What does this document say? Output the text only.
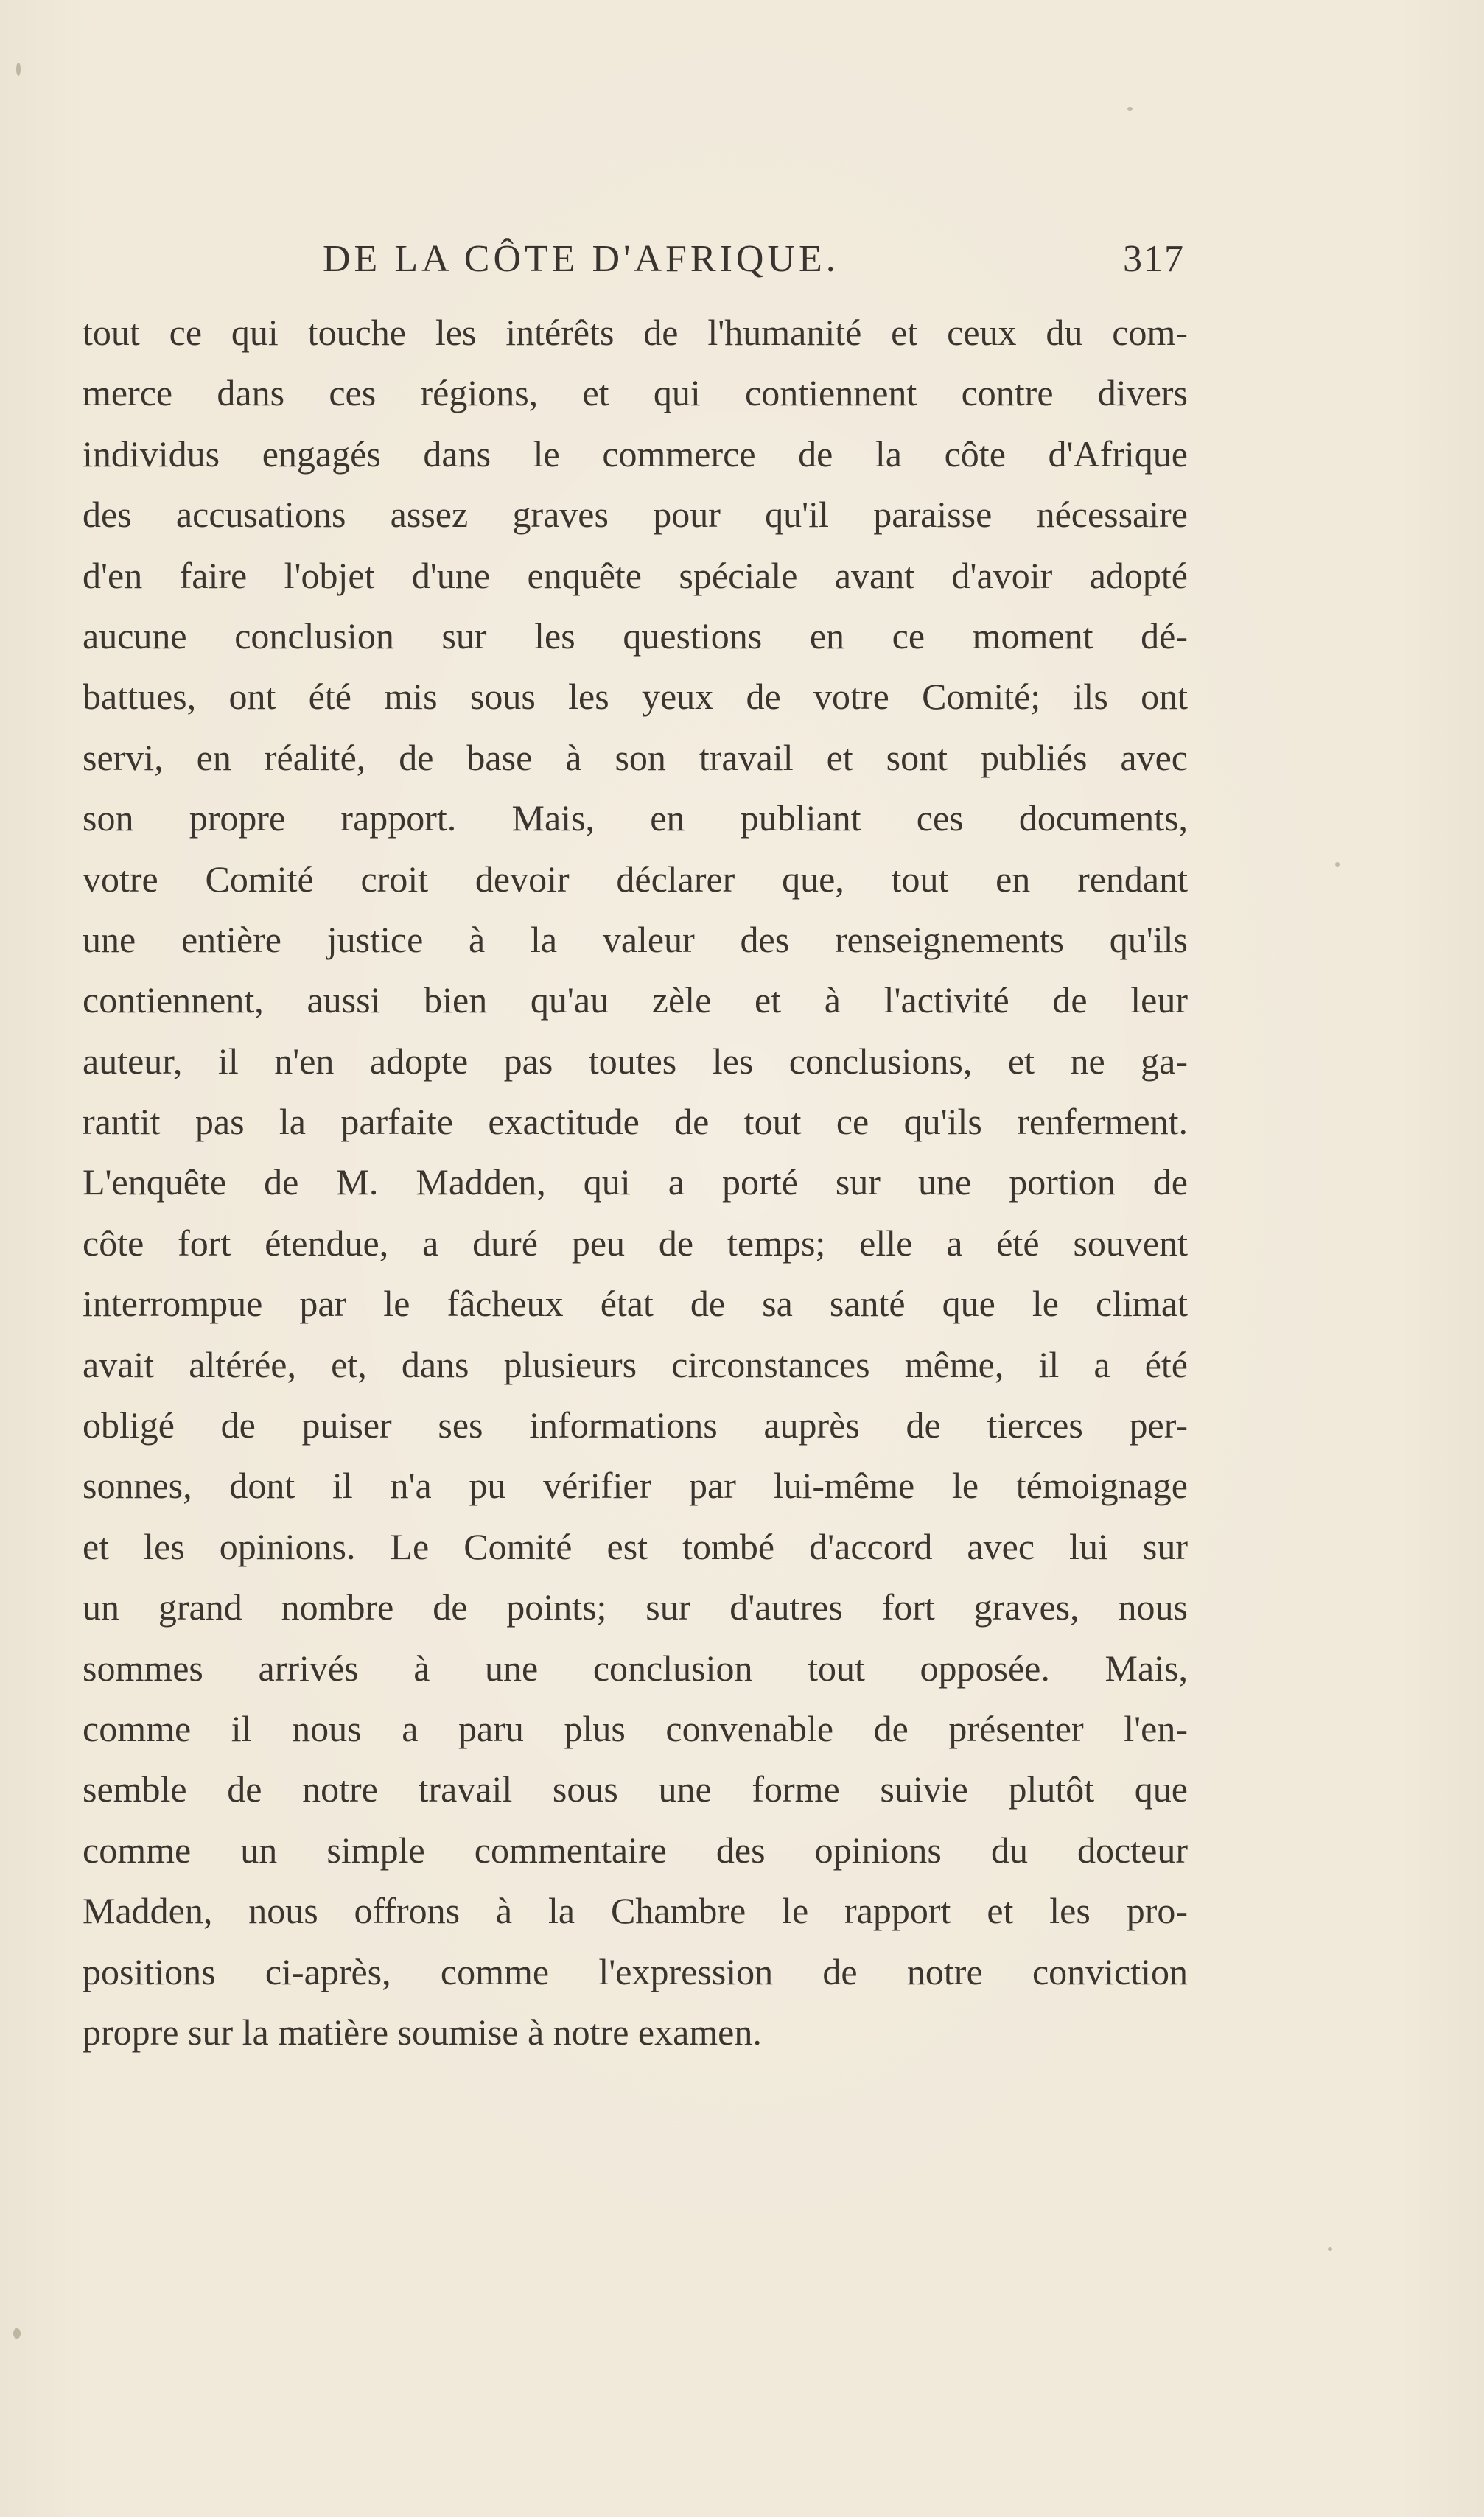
DE LA CÔTE D'AFRIQUE.	317
tout ce qui touche les intérêts de l'humanité et ceux du com-
merce dans ces régions, et qui contiennent contre divers
individus engagés dans le commerce de la côte d'Afrique
des accusations assez graves pour qu'il paraisse nécessaire
d'en faire l'objet d'une enquête spéciale avant d'avoir adopté
aucune conclusion sur les questions en ce moment dé-
battues, ont été mis sous les yeux de votre Comité; ils ont
servi, en réalité, de base à son travail et sont publiés avec
son propre rapport. Mais, en publiant ces documents,
votre Comité croit devoir déclarer que, tout en rendant
une entière justice à la valeur des renseignements qu'ils
contiennent, aussi bien qu'au zèle et à l'activité de leur
auteur, il n'en adopte pas toutes les conclusions, et ne ga-
rantit pas la parfaite exactitude de tout ce qu'ils renferment.
L'enquête de M. Madden, qui a porté sur une portion de
côte fort étendue, a duré peu de temps; elle a été souvent
interrompue par le fâcheux état de sa santé que le climat
avait altérée, et, dans plusieurs circonstances même, il a été
obligé de puiser ses informations auprès de tierces per-
sonnes, dont il n'a pu vérifier par lui-même le témoignage
et les opinions. Le Comité est tombé d'accord avec lui sur
un grand nombre de points; sur d'autres fort graves, nous
sommes arrivés à une conclusion tout opposée. Mais,
comme il nous a paru plus convenable de présenter l'en-
semble de notre travail sous une forme suivie plutôt que
comme un simple commentaire des opinions du docteur
Madden, nous offrons à la Chambre le rapport et les pro-
positions ci-après, comme l'expression de notre conviction
propre sur la matière soumise à notre examen.
